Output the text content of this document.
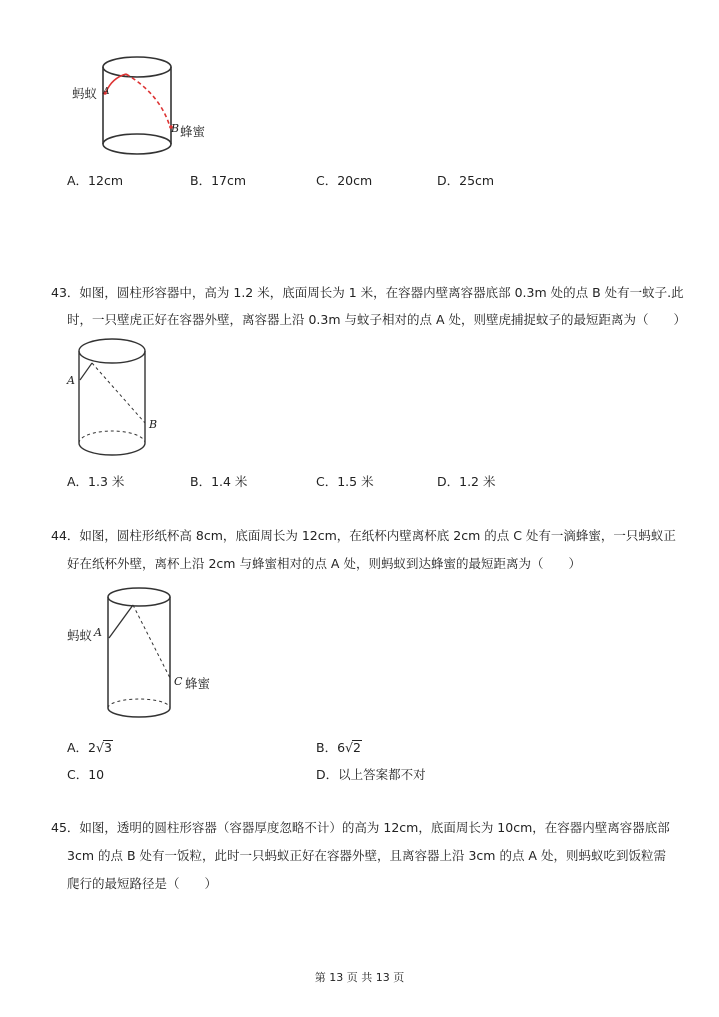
蚂蚁 A
B 蜂蜜
A．12cm	B．17cm	C．20cm	D．25cm
43．如图，圆柱形容器中，高为 1.2 米，底面周长为 1 米，在容器内壁离容器底部 0.3m 处的点 B 处有一蚊子.此
时，一只壁虎正好在容器外壁，离容器上沿 0.3m 与蚊子相对的点 A 处，则壁虎捕捉蚊子的最短距离为（　　）
A
B
A．1.3 米	B．1.4 米	C．1.5 米	D．1.2 米
44．如图，圆柱形纸杯高 8cm，底面周长为 12cm，在纸杯内壁离杯底 2cm 的点 C 处有一滴蜂蜜，一只蚂蚁正
好在纸杯外壁，离杯上沿 2cm 与蜂蜜相对的点 A 处，则蚂蚁到达蜂蜜的最短距离为（　　）
蚂蚁 A
C 蜂蜜
A．2√3	B．6√2
C．10	D．以上答案都不对
45．如图，透明的圆柱形容器（容器厚度忽略不计）的高为 12cm，底面周长为 10cm，在容器内壁离容器底部
3cm 的点 B 处有一饭粒，此时一只蚂蚁正好在容器外壁，且离容器上沿 3cm 的点 A 处，则蚂蚁吃到饭粒需
爬行的最短路径是（　　）
第 13 页 共 13 页
